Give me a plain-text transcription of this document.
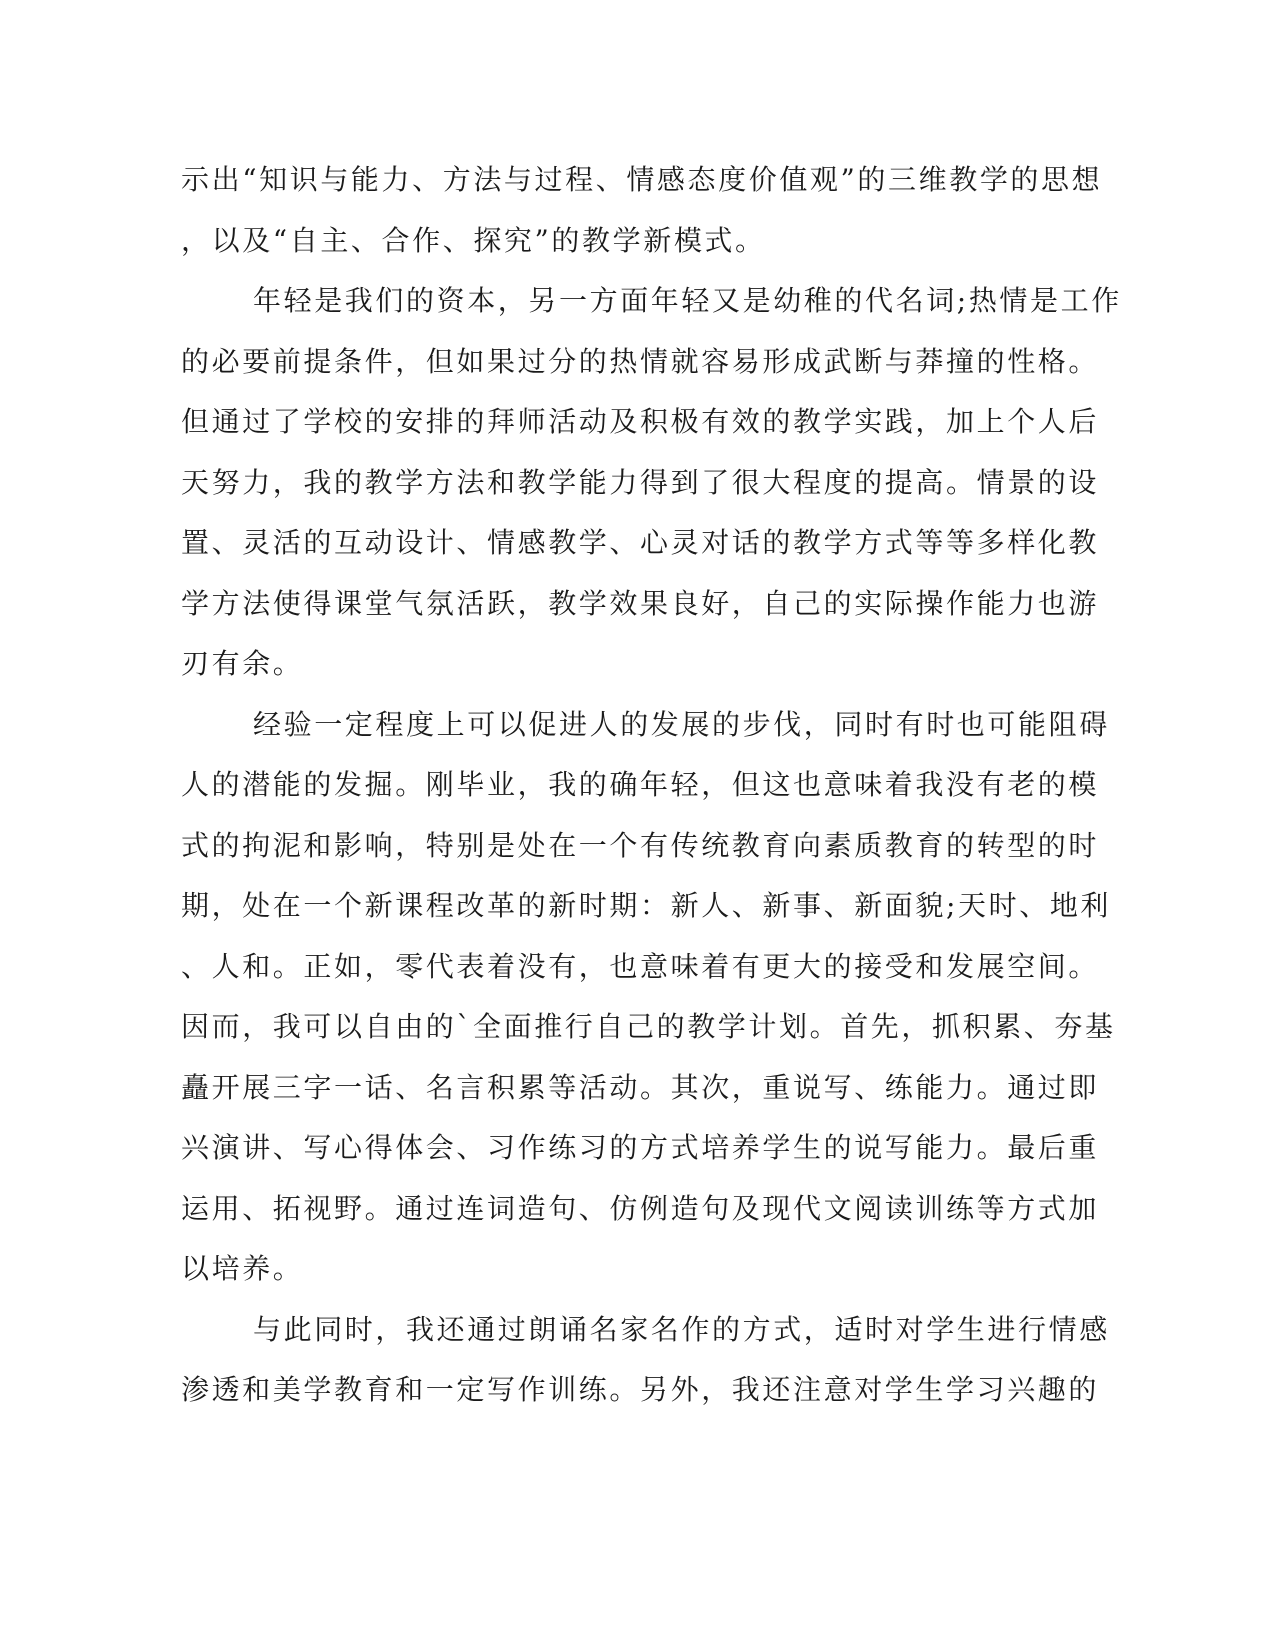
示出“知识与能力、方法与过程、情感态度价值观”的三维教学的思想
，以及“自主、合作、探究”的教学新模式。
年轻是我们的资本，另一方面年轻又是幼稚的代名词;热情是工作
的必要前提条件，但如果过分的热情就容易形成武断与莽撞的性格。
但通过了学校的安排的拜师活动及积极有效的教学实践，加上个人后
天努力，我的教学方法和教学能力得到了很大程度的提高。情景的设
置、灵活的互动设计、情感教学、心灵对话的教学方式等等多样化教
学方法使得课堂气氛活跃，教学效果良好，自己的实际操作能力也游
刃有余。
经验一定程度上可以促进人的发展的步伐，同时有时也可能阻碍
人的潜能的发掘。刚毕业，我的确年轻，但这也意味着我没有老的模
式的拘泥和影响，特别是处在一个有传统教育向素质教育的转型的时
期，处在一个新课程改革的新时期：新人、新事、新面貌;天时、地利
、人和。正如，零代表着没有，也意味着有更大的接受和发展空间。
因而，我可以自由的`全面推行自己的教学计划。首先，抓积累、夯基
矗开展三字一话、名言积累等活动。其次，重说写、练能力。通过即
兴演讲、写心得体会、习作练习的方式培养学生的说写能力。最后重
运用、拓视野。通过连词造句、仿例造句及现代文阅读训练等方式加
以培养。
与此同时，我还通过朗诵名家名作的方式，适时对学生进行情感
渗透和美学教育和一定写作训练。另外，我还注意对学生学习兴趣的
